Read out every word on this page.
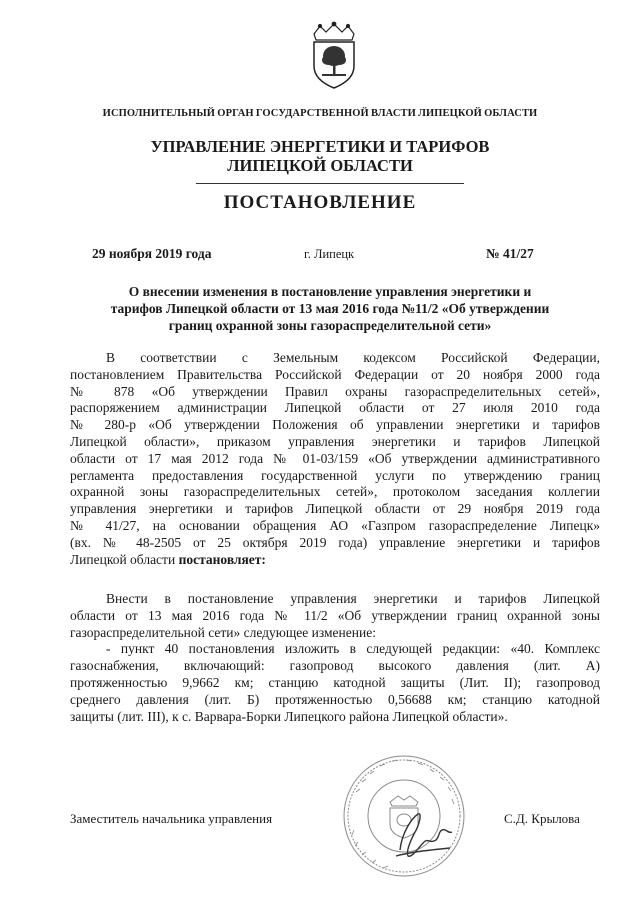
ИСПОЛНИТЕЛЬНЫЙ ОРГАН ГОСУДАРСТВЕННОЙ ВЛАСТИ ЛИПЕЦКОЙ ОБЛАСТИ
УПРАВЛЕНИЕ ЭНЕРГЕТИКИ И ТАРИФОВ
ЛИПЕЦКОЙ ОБЛАСТИ
ПОСТАНОВЛЕНИЕ
29 ноября 2019 года	г. Липецк	№ 41/27
О внесении изменения в постановление управления энергетики и
тарифов Липецкой области от 13 мая 2016 года №11/2 «Об утверждении
границ охранной зоны газораспределительной сети»
В соответствии с Земельным кодексом Российской Федерации,
постановлением Правительства Российской Федерации от 20 ноября 2000 года
№ 878 «Об утверждении Правил охраны газораспределительных сетей»,
распоряжением администрации Липецкой области от 27 июля 2010 года
№ 280-р «Об утверждении Положения об управлении энергетики и тарифов
Липецкой области», приказом управления энергетики и тарифов Липецкой
области от 17 мая 2012 года № 01-03/159 «Об утверждении административного
регламента предоставления государственной услуги по утверждению границ
охранной зоны газораспределительных сетей», протоколом заседания коллегии
управления энергетики и тарифов Липецкой области от 29 ноября 2019 года
№ 41/27, на основании обращения АО «Газпром газораспределение Липецк»
(вх. № 48-2505 от 25 октября 2019 года) управление энергетики и тарифов
Липецкой области постановляет:
Внести в постановление управления энергетики и тарифов Липецкой
области от 13 мая 2016 года № 11/2 «Об утверждении границ охранной зоны
газораспределительной сети» следующее изменение:
- пункт 40 постановления изложить в следующей редакции: «40. Комплекс
газоснабжения, включающий: газопровод высокого давления (лит. А)
протяженностью 9,9662 км; станцию катодной защиты (Лит. II); газопровод
среднего давления (лит. Б) протяженностью 0,56688 км; станцию катодной
защиты (лит. III), к с. Варвара-Борки Липецкого района Липецкой области».
Заместитель начальника управления	С.Д. Крылова
